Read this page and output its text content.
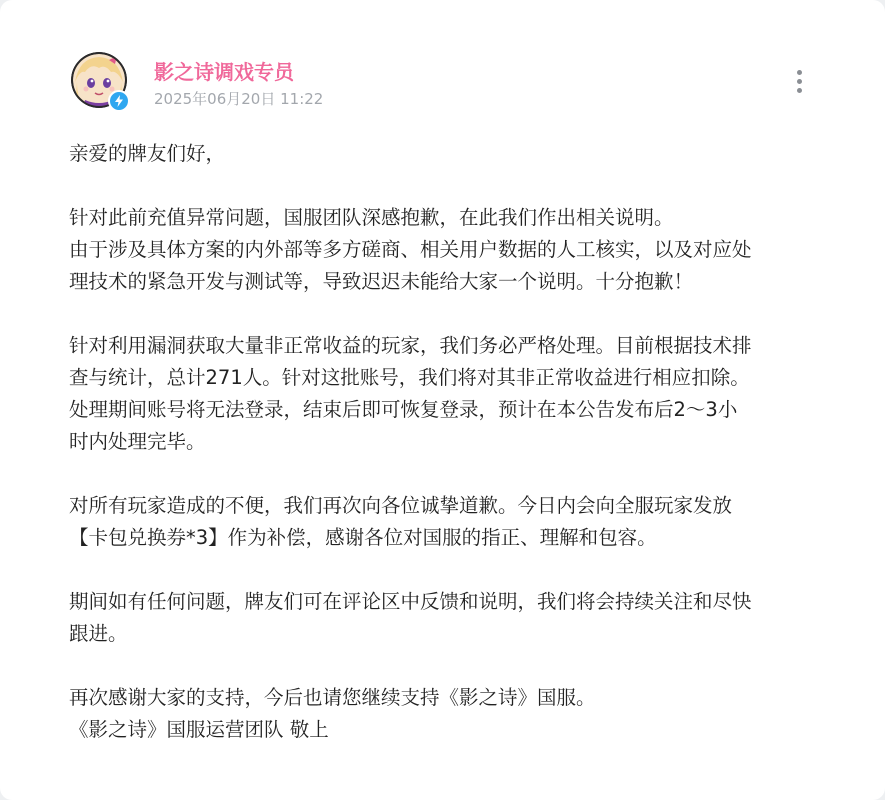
影之诗调戏专员
2025年06月20日 11:22

亲爱的牌友们好，

针对此前充值异常问题，国服团队深感抱歉，在此我们作出相关说明。

由于涉及具体方案的内外部等多方磋商、相关用户数据的人工核实，以及对应处

理技术的紧急开发与测试等，导致迟迟未能给大家一个说明。十分抱歉！

针对利用漏洞获取大量非正常收益的玩家，我们务必严格处理。目前根据技术排

查与统计，总计271人。针对这批账号，我们将对其非正常收益进行相应扣除。

处理期间账号将无法登录，结束后即可恢复登录，预计在本公告发布后2～3小

时内处理完毕。

对所有玩家造成的不便，我们再次向各位诚挚道歉。今日内会向全服玩家发放

【卡包兑换券*3】作为补偿，感谢各位对国服的指正、理解和包容。

期间如有任何问题，牌友们可在评论区中反馈和说明，我们将会持续关注和尽快

跟进。

再次感谢大家的支持，今后也请您继续支持《影之诗》国服。

《影之诗》国服运营团队 敬上
